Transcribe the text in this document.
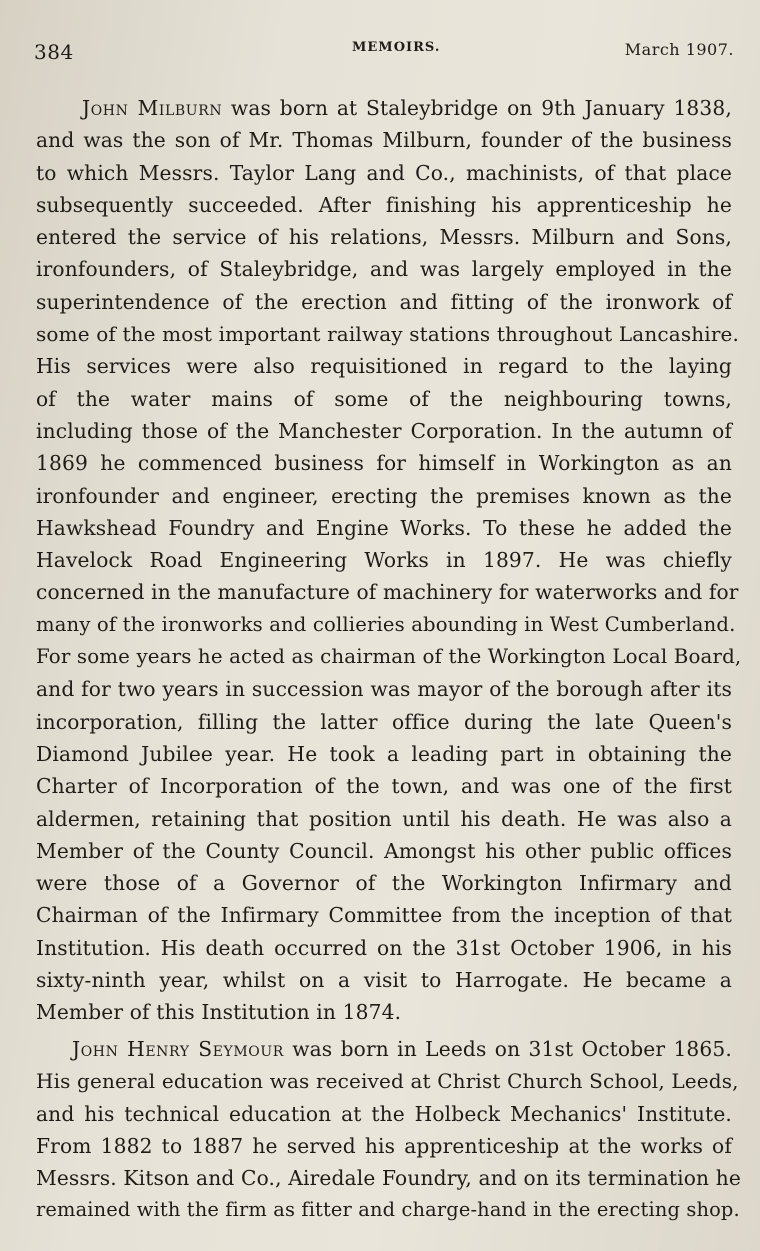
384	MEMOIRS.	March 1907.
John Milburn was born at Staleybridge on 9th January 1838,
and was the son of Mr. Thomas Milburn, founder of the business
to which Messrs. Taylor Lang and Co., machinists, of that place
subsequently succeeded. After finishing his apprenticeship he
entered the service of his relations, Messrs. Milburn and Sons,
ironfounders, of Staleybridge, and was largely employed in the
superintendence of the erection and fitting of the ironwork of
some of the most important railway stations throughout Lancashire.
His services were also requisitioned in regard to the laying
of the water mains of some of the neighbouring towns,
including those of the Manchester Corporation. In the autumn of
1869 he commenced business for himself in Workington as an
ironfounder and engineer, erecting the premises known as the
Hawkshead Foundry and Engine Works. To these he added the
Havelock Road Engineering Works in 1897. He was chiefly
concerned in the manufacture of machinery for waterworks and for
many of the ironworks and collieries abounding in West Cumberland.
For some years he acted as chairman of the Workington Local Board,
and for two years in succession was mayor of the borough after its
incorporation, filling the latter office during the late Queen's
Diamond Jubilee year. He took a leading part in obtaining the
Charter of Incorporation of the town, and was one of the first
aldermen, retaining that position until his death. He was also a
Member of the County Council. Amongst his other public offices
were those of a Governor of the Workington Infirmary and
Chairman of the Infirmary Committee from the inception of that
Institution. His death occurred on the 31st October 1906, in his
sixty-ninth year, whilst on a visit to Harrogate. He became a
Member of this Institution in 1874.
John Henry Seymour was born in Leeds on 31st October 1865.
His general education was received at Christ Church School, Leeds,
and his technical education at the Holbeck Mechanics' Institute.
From 1882 to 1887 he served his apprenticeship at the works of
Messrs. Kitson and Co., Airedale Foundry, and on its termination he
remained with the firm as fitter and charge-hand in the erecting shop.
